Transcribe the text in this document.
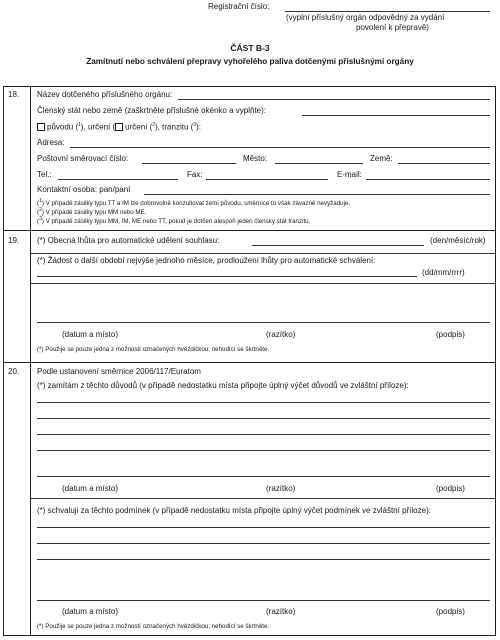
Registrační číslo:
(vyplní příslušný orgán odpovědný za vydání
povolení k přepravě)
ČÁST B-3
Zamítnutí nebo schválení přepravy vyhořelého paliva dotčenými příslušnými orgány
18. Název dotčeného příslušného orgánu:
Členský stát nebo země (zaškrtněte příslušné okénko a vyplňte):
původu ($^1$), určení ( určení ($^2$), tranzitu ($^3$):
Adresa:
Poštovní směrovací číslo:	Město:	Země:
Tel.:	Fax:	E-mail:
Kontaktní osoba: pan/paní
($^1$) V případě zásilky typu TT a IM lze dobrovolně konzultovat zemi původu, směrnice to však závazně nevyžaduje.
($^2$) V případě zásilky typu MM nebo ME.
($^3$) V případě zásilky typu MM, IM, ME nebo TT, pokud je dotčen alespoň jeden členský stát tranzitu.
19. (*) Obecná lhůta pro automatické udělení souhlasu:	(den/měsíc/rok)
(*) Žádost o další období nejvýše jednoho měsíce, prodloužení lhůty pro automatické schválení:
(dd/mm/rrrr)
(datum a místo)	(razítko)	(podpis)
(*) Použije se pouze jedna z možností označených hvězdičkou; nehodící se škrtněte.
20. Podle ustanovení směrnice 2006/117/Euratom
(*) zamítám z těchto důvodů (v případě nedostatku místa připojte úplný výčet důvodů ve zvláštní příloze):
(datum a místo)	(razítko)	(podpis)
(*) schvaluji za těchto podmínek (v případě nedostatku místa připojte úplný výčet podmínek ve zvláštní příloze):
(datum a místo)	(razítko)	(podpis)
(*) Použije se pouze jedna z možností označených hvězdičkou; nehodící se škrtněte.
